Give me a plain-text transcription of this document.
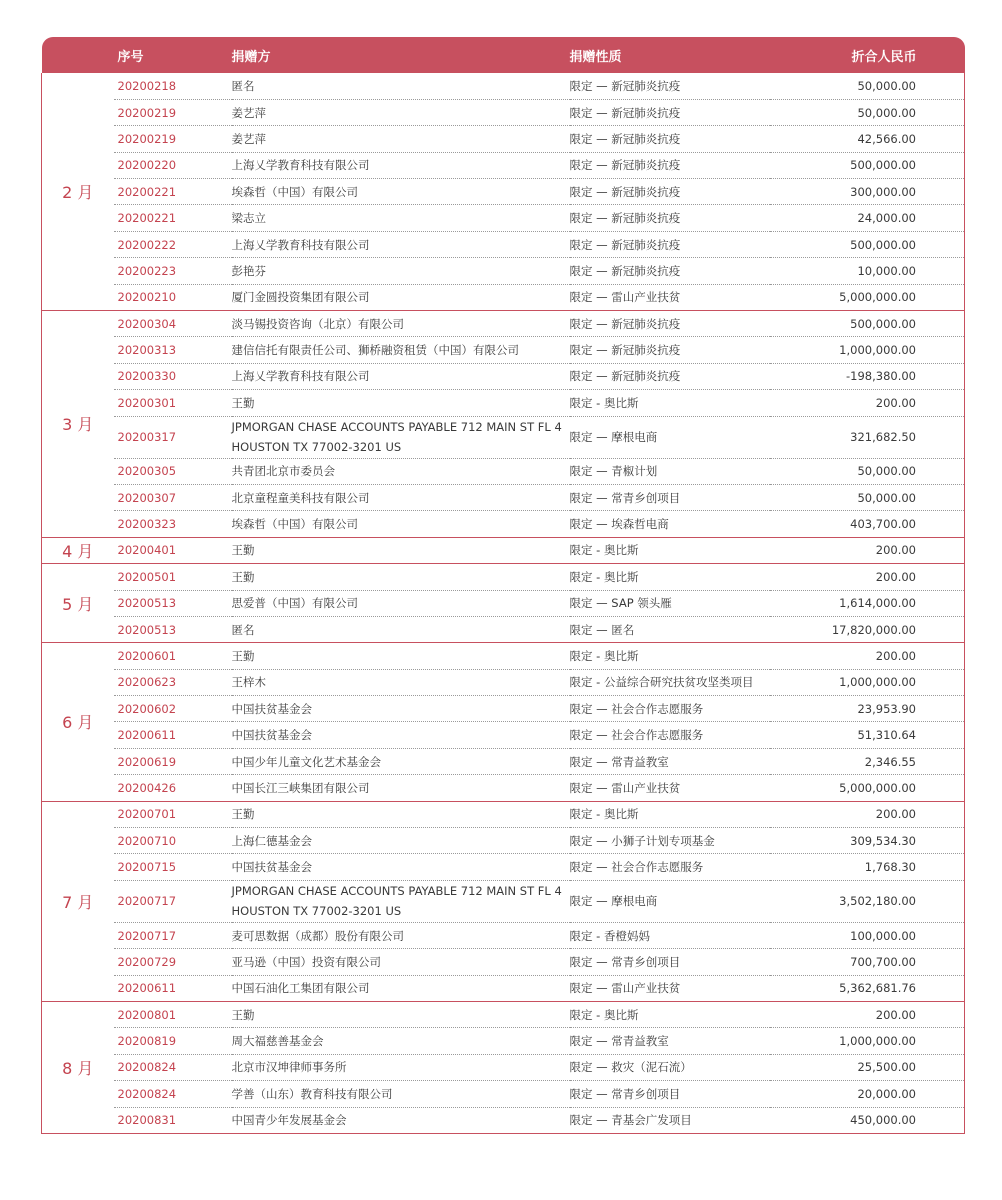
	序号	捐赠方	捐赠性质	折合人民币
2 月	20200218	匿名	限定 — 新冠肺炎抗疫	50,000.00
	20200219	姜艺萍	限定 — 新冠肺炎抗疫	50,000.00
	20200219	姜艺萍	限定 — 新冠肺炎抗疫	42,566.00
	20200220	上海乂学教育科技有限公司	限定 — 新冠肺炎抗疫	500,000.00
	20200221	埃森哲（中国）有限公司	限定 — 新冠肺炎抗疫	300,000.00
	20200221	梁志立	限定 — 新冠肺炎抗疫	24,000.00
	20200222	上海乂学教育科技有限公司	限定 — 新冠肺炎抗疫	500,000.00
	20200223	彭艳芬	限定 — 新冠肺炎抗疫	10,000.00
	20200210	厦门金圆投资集团有限公司	限定 — 雷山产业扶贫	5,000,000.00
3 月	20200304	淡马锡投资咨询（北京）有限公司	限定 — 新冠肺炎抗疫	500,000.00
	20200313	建信信托有限责任公司、狮桥融资租赁（中国）有限公司	限定 — 新冠肺炎抗疫	1,000,000.00
	20200330	上海乂学教育科技有限公司	限定 — 新冠肺炎抗疫	-198,380.00
	20200301	王勤	限定 - 奥比斯	200.00
	20200317	JPMORGAN CHASE ACCOUNTS PAYABLE 712 MAIN ST FL 4 HOUSTON TX 77002-3201 US	限定 — 摩根电商	321,682.50
	20200305	共青团北京市委员会	限定 — 青椒计划	50,000.00
	20200307	北京童程童美科技有限公司	限定 — 常青乡创项目	50,000.00
	20200323	埃森哲（中国）有限公司	限定 — 埃森哲电商	403,700.00
4 月	20200401	王勤	限定 - 奥比斯	200.00
5 月	20200501	王勤	限定 - 奥比斯	200.00
	20200513	思爱普（中国）有限公司	限定 — SAP 领头雁	1,614,000.00
	20200513	匿名	限定 — 匿名	17,820,000.00
6 月	20200601	王勤	限定 - 奥比斯	200.00
	20200623	王梓木	限定 - 公益综合研究扶贫攻坚类项目	1,000,000.00
	20200602	中国扶贫基金会	限定 — 社会合作志愿服务	23,953.90
	20200611	中国扶贫基金会	限定 — 社会合作志愿服务	51,310.64
	20200619	中国少年儿童文化艺术基金会	限定 — 常青益教室	2,346.55
	20200426	中国长江三峡集团有限公司	限定 — 雷山产业扶贫	5,000,000.00
7 月	20200701	王勤	限定 - 奥比斯	200.00
	20200710	上海仁德基金会	限定 — 小狮子计划专项基金	309,534.30
	20200715	中国扶贫基金会	限定 — 社会合作志愿服务	1,768.30
	20200717	JPMORGAN CHASE ACCOUNTS PAYABLE 712 MAIN ST FL 4 HOUSTON TX 77002-3201 US	限定 — 摩根电商	3,502,180.00
	20200717	麦可思数据（成都）股份有限公司	限定 - 香橙妈妈	100,000.00
	20200729	亚马逊（中国）投资有限公司	限定 — 常青乡创项目	700,700.00
	20200611	中国石油化工集团有限公司	限定 — 雷山产业扶贫	5,362,681.76
8 月	20200801	王勤	限定 - 奥比斯	200.00
	20200819	周大福慈善基金会	限定 — 常青益教室	1,000,000.00
	20200824	北京市汉坤律师事务所	限定 — 救灾（泥石流）	25,500.00
	20200824	学善（山东）教育科技有限公司	限定 — 常青乡创项目	20,000.00
	20200831	中国青少年发展基金会	限定 — 青基会广发项目	450,000.00
